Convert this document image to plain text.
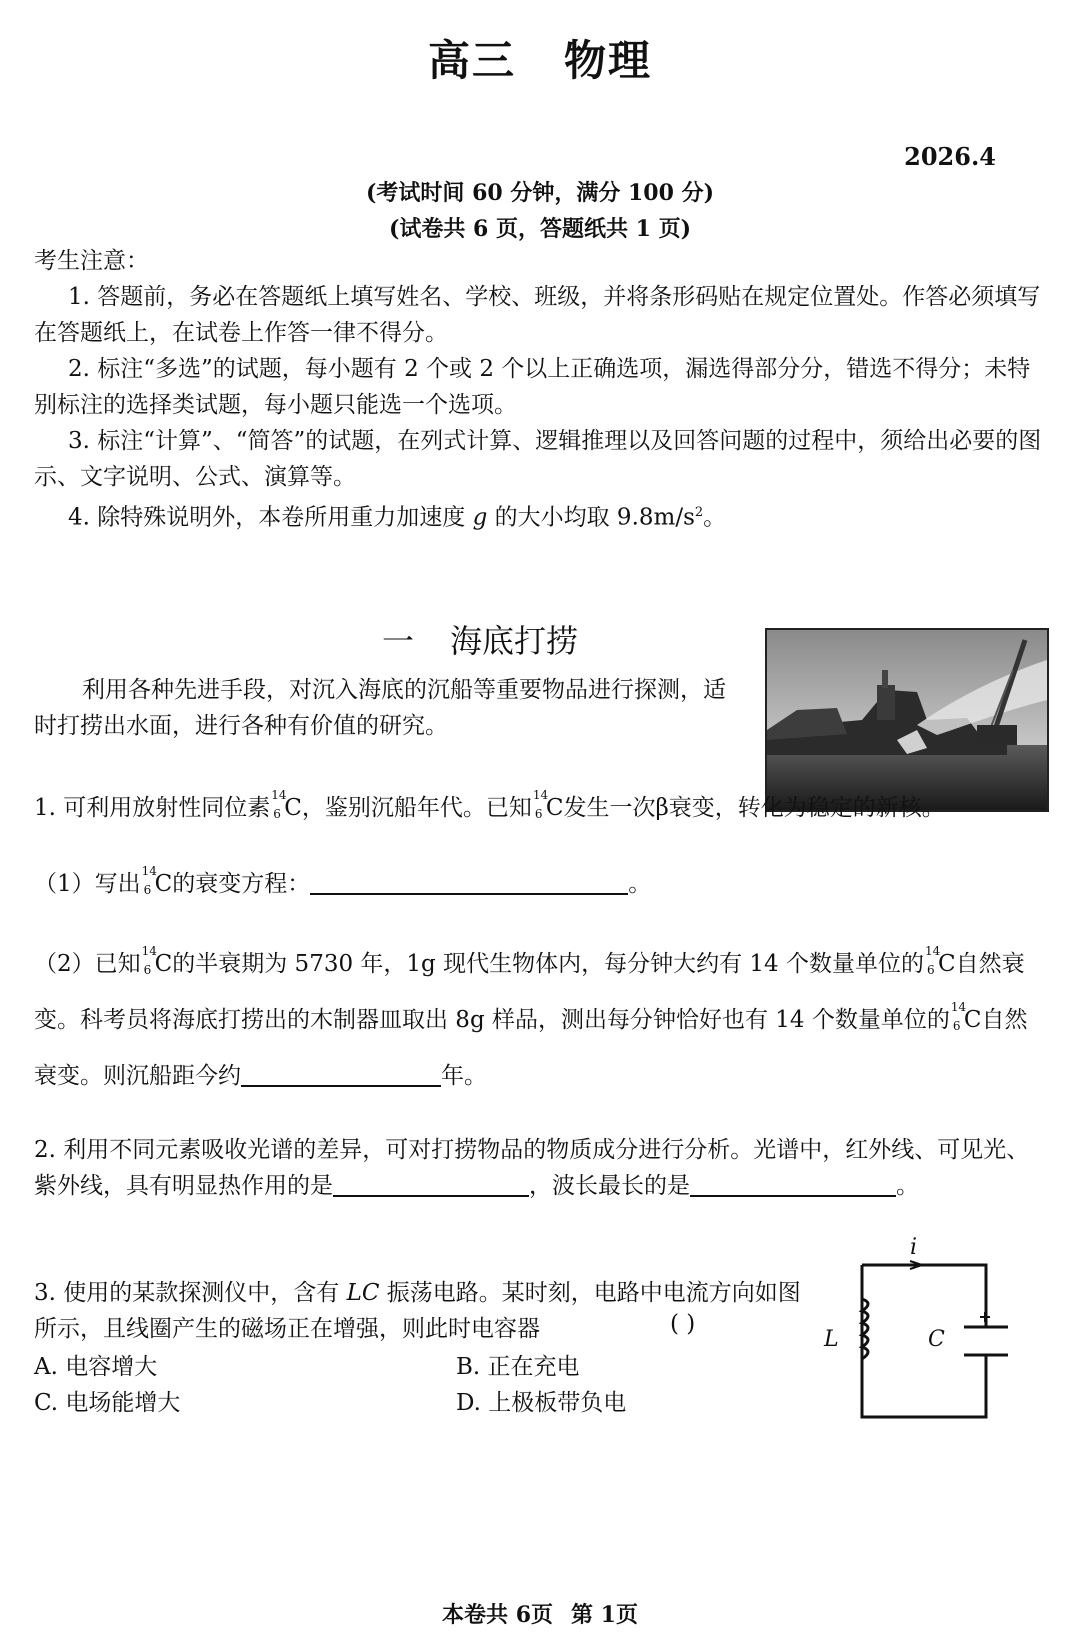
高三 物理
2026.4
(考试时间 60 分钟，满分 100 分)
(试卷共 6 页，答题纸共 1 页)

考生注意：

1. 答题前，务必在答题纸上填写姓名、学校、班级，并将条形码贴在规定位置处。作答必须填写在答题纸上，在试卷上作答一律不得分。

2. 标注“多选”的试题，每小题有 2 个或 2 个以上正确选项，漏选得部分分，错选不得分；未特别标注的选择类试题，每小题只能选一个选项。

3. 标注“计算”、“简答”的试题，在列式计算、逻辑推理以及回答问题的过程中，须给出必要的图示、文字说明、公式、演算等。

4. 除特殊说明外，本卷所用重力加速度 g 的大小均取 $9.8m/s^2$。

一 海底打捞
利用各种先进手段，对沉入海底的沉船等重要物品进行探测，适时打捞出水面，进行各种有价值的研究。
1. 可利用放射性同位素 14
6 C，鉴别沉船年代。已知 14
6 C发生一次β衰变，转化为稳定的新核。
（1）写出 14
6 C的衰变方程：	。
（2）已知 14
6 C的半衰期为 5730 年，1g 现代生物体内，每分钟大约有 14 个数量单位的 14
6 C自然衰变。科考员将海底打捞出的木制器皿取出 8g 样品，测出每分钟恰好也有 14 个数量单位的 14
6 C自然衰变。则沉船距今约	年。
2. 利用不同元素吸收光谱的差异，可对打捞物品的物质成分进行分析。光谱中，红外线、可见光、紫外线，具有明显热作用的是	，波长最长的是	。
3. 使用的某款探测仪中，含有 LC 振荡电路。某时刻，电路中电流方向如图所示，且线圈产生的磁场正在增强，则此时电容器	( )
A. 电容增大	B. 正在充电
C. 电场能增大	D. 上极板带负电
i
L	C
本卷共 6页 第 1页
